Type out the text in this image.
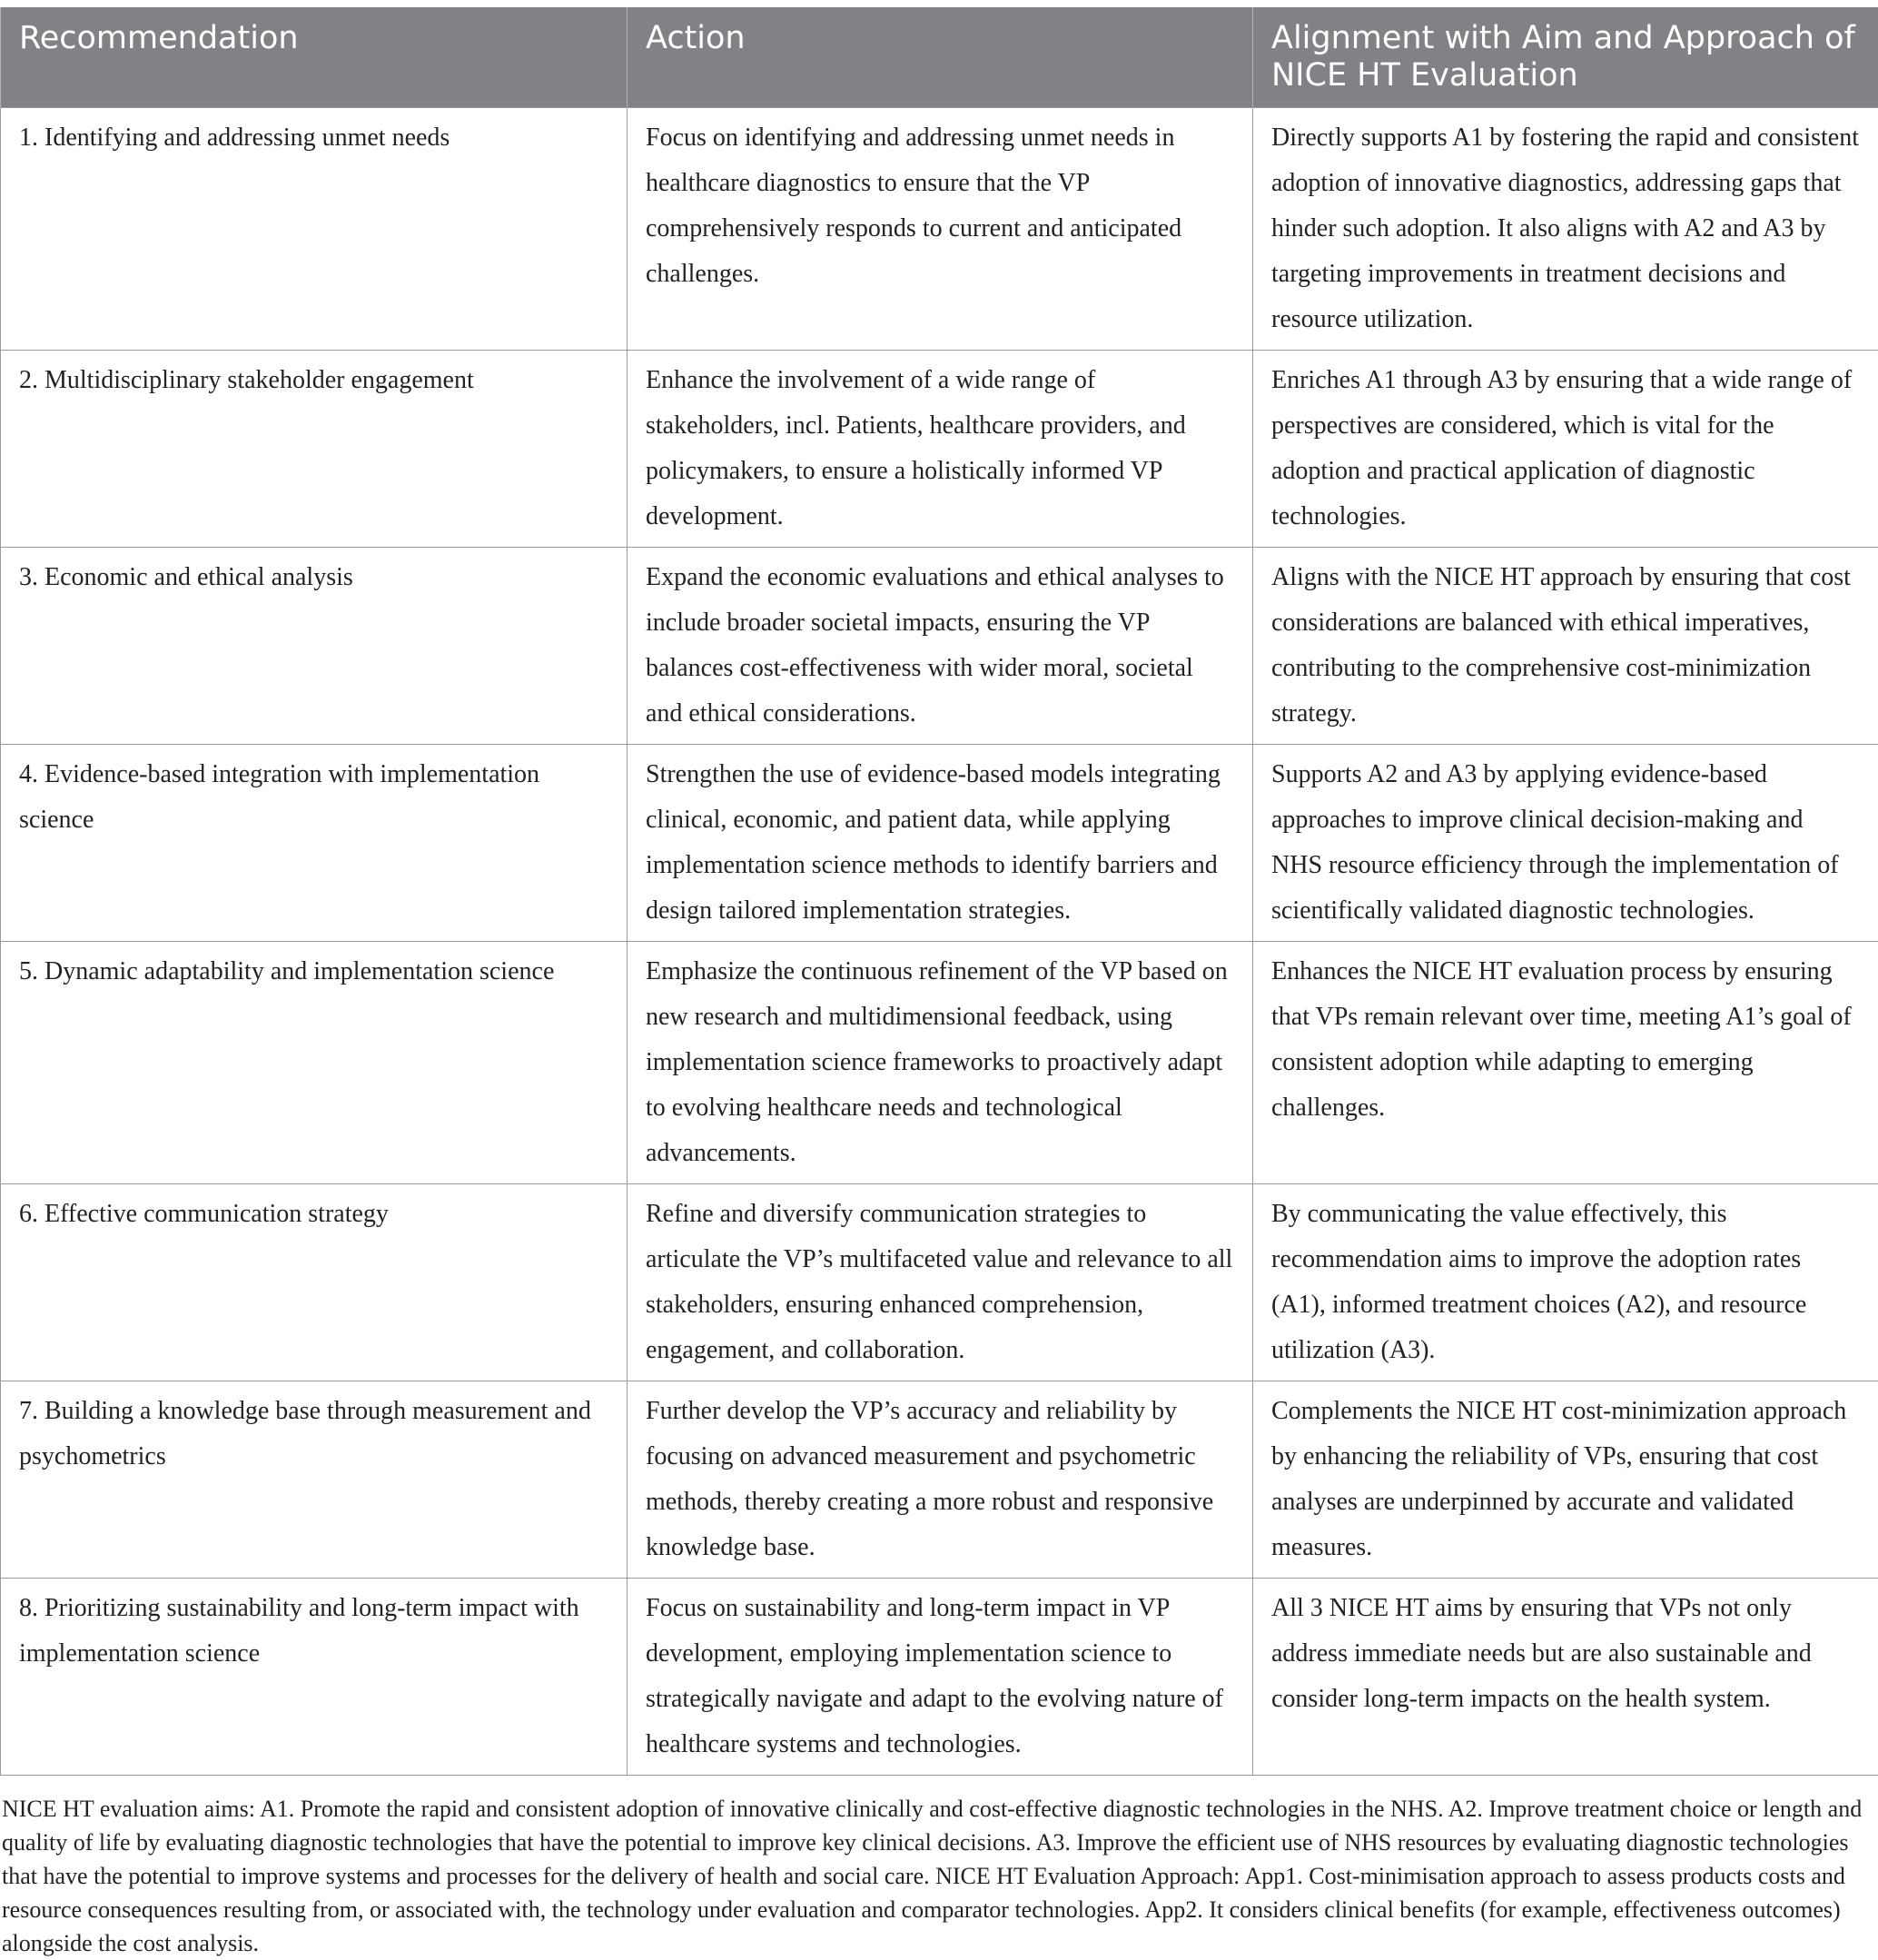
Recommendation	Action	Alignment with Aim and Approach of NICE HT Evaluation
1. Identifying and addressing unmet needs	Focus on identifying and addressing unmet needs in healthcare diagnostics to ensure that the VP comprehensively responds to current and anticipated challenges.	Directly supports A1 by fostering the rapid and consistent adoption of innovative diagnostics, addressing gaps that hinder such adoption. It also aligns with A2 and A3 by targeting improvements in treatment decisions and resource utilization.
2. Multidisciplinary stakeholder engagement	Enhance the involvement of a wide range of stakeholders, incl. Patients, healthcare providers, and policymakers, to ensure a holistically informed VP development.	Enriches A1 through A3 by ensuring that a wide range of perspectives are considered, which is vital for the adoption and practical application of diagnostic technologies.
3. Economic and ethical analysis	Expand the economic evaluations and ethical analyses to include broader societal impacts, ensuring the VP balances cost-effectiveness with wider moral, societal and ethical considerations.	Aligns with the NICE HT approach by ensuring that cost considerations are balanced with ethical imperatives, contributing to the comprehensive cost-minimization strategy.
4. Evidence-based integration with implementation science	Strengthen the use of evidence-based models integrating clinical, economic, and patient data, while applying implementation science methods to identify barriers and design tailored implementation strategies.	Supports A2 and A3 by applying evidence-based approaches to improve clinical decision-making and NHS resource efficiency through the implementation of scientifically validated diagnostic technologies.
5. Dynamic adaptability and implementation science	Emphasize the continuous refinement of the VP based on new research and multidimensional feedback, using implementation science frameworks to proactively adapt to evolving healthcare needs and technological advancements.	Enhances the NICE HT evaluation process by ensuring that VPs remain relevant over time, meeting A1’s goal of consistent adoption while adapting to emerging challenges.
6. Effective communication strategy	Refine and diversify communication strategies to articulate the VP’s multifaceted value and relevance to all stakeholders, ensuring enhanced comprehension, engagement, and collaboration.	By communicating the value effectively, this recommendation aims to improve the adoption rates (A1), informed treatment choices (A2), and resource utilization (A3).
7. Building a knowledge base through measurement and psychometrics	Further develop the VP’s accuracy and reliability by focusing on advanced measurement and psychometric methods, thereby creating a more robust and responsive knowledge base.	Complements the NICE HT cost-minimization approach by enhancing the reliability of VPs, ensuring that cost analyses are underpinned by accurate and validated measures.
8. Prioritizing sustainability and long-term impact with implementation science	Focus on sustainability and long-term impact in VP development, employing implementation science to strategically navigate and adapt to the evolving nature of healthcare systems and technologies.	All 3 NICE HT aims by ensuring that VPs not only address immediate needs but are also sustainable and consider long-term impacts on the health system.
NICE HT evaluation aims: A1. Promote the rapid and consistent adoption of innovative clinically and cost-effective diagnostic technologies in the NHS. A2. Improve treatment choice or length and quality of life by evaluating diagnostic technologies that have the potential to improve key clinical decisions. A3. Improve the efficient use of NHS resources by evaluating diagnostic technologies that have the potential to improve systems and processes for the delivery of health and social care. NICE HT Evaluation Approach: App1. Cost-minimisation approach to assess products costs and resource consequences resulting from, or associated with, the technology under evaluation and comparator technologies. App2. It considers clinical benefits (for example, effectiveness outcomes) alongside the cost analysis.
